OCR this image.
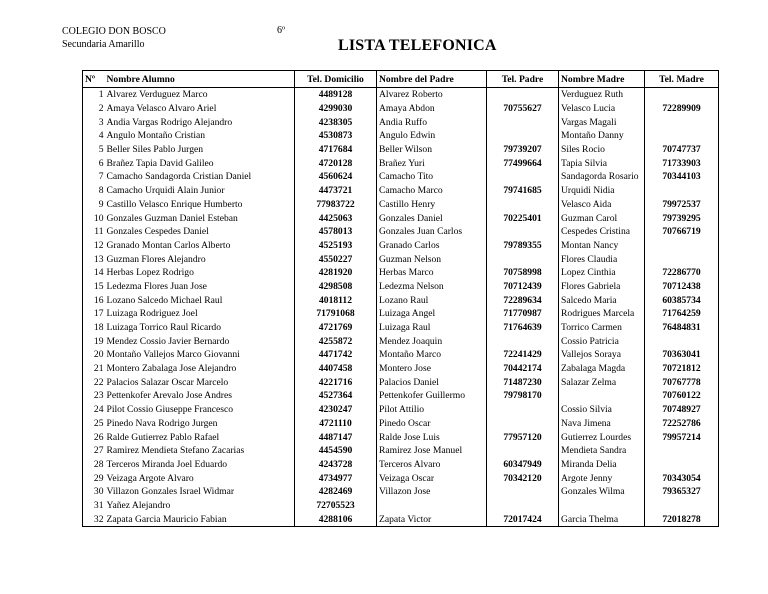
COLEGIO DON BOSCO
Secundaria Amarillo
6º
LISTA TELEFONICA
Nº	Nombre Alumno	Tel. Domicilio	Nombre del Padre	Tel. Padre	Nombre Madre	Tel. Madre
1	Alvarez Verduguez Marco	4489128	Alvarez Roberto		Verduguez Ruth	
2	Amaya Velasco Alvaro Ariel	4299030	Amaya Abdon	70755627	Velasco Lucia	72289909
3	Andia Vargas Rodrigo Alejandro	4238305	Andia Ruffo		Vargas Magali	
4	Angulo Montaño Cristian	4530873	Angulo Edwin		Montaño Danny	
5	Beller Siles Pablo Jurgen	4717684	Beller Wilson	79739207	Siles Rocio	70747737
6	Brañez Tapia David Galileo	4720128	Brañez Yuri	77499664	Tapia Silvia	71733903
7	Camacho Sandagorda Cristian Daniel	4560624	Camacho Tito		Sandagorda Rosario	70344103
8	Camacho Urquidi Alain Junior	4473721	Camacho Marco	79741685	Urquidi Nidia	
9	Castillo Velasco Enrique Humberto	77983722	Castillo Henry		Velasco Aida	79972537
10	Gonzales Guzman Daniel Esteban	4425063	Gonzales Daniel	70225401	Guzman Carol	79739295
11	Gonzales Cespedes Daniel	4578013	Gonzales Juan Carlos		Cespedes Cristina	70766719
12	Granado Montan Carlos Alberto	4525193	Granado Carlos	79789355	Montan Nancy	
13	Guzman Flores Alejandro	4550227	Guzman Nelson		Flores Claudia	
14	Herbas Lopez Rodrigo	4281920	Herbas Marco	70758998	Lopez Cinthia	72286770
15	Ledezma Flores Juan Jose	4298508	Ledezma Nelson	70712439	Flores Gabriela	70712438
16	Lozano Salcedo Michael Raul	4018112	Lozano Raul	72289634	Salcedo Maria	60385734
17	Luizaga Rodriguez Joel	71791068	Luizaga Angel	71770987	Rodrigues Marcela	71764259
18	Luizaga Torrico Raul Ricardo	4721769	Luizaga Raul	71764639	Torrico Carmen	76484831
19	Mendez Cossio Javier Bernardo	4255872	Mendez Joaquin		Cossio Patricia	
20	Montaño Vallejos Marco Giovanni	4471742	Montaño Marco	72241429	Vallejos Soraya	70363041
21	Montero Zabalaga Jose Alejandro	4407458	Montero Jose	70442174	Zabalaga Magda	70721812
22	Palacios Salazar Oscar Marcelo	4221716	Palacios Daniel	71487230	Salazar Zelma	70767778
23	Pettenkofer Arevalo Jose Andres	4527364	Pettenkofer Guillermo	79798170		70760122
24	Pilot Cossio Giuseppe Francesco	4230247	Pilot Attilio		Cossio Silvia	70748927
25	Pinedo Nava Rodrigo Jurgen	4721110	Pinedo Oscar		Nava Jimena	72252786
26	Ralde Gutierrez Pablo Rafael	4487147	Ralde Jose Luis	77957120	Gutierrez Lourdes	79957214
27	Ramirez Mendieta Stefano Zacarias	4454590	Ramirez Jose Manuel		Mendieta Sandra	
28	Terceros Miranda Joel Eduardo	4243728	Terceros Alvaro	60347949	Miranda Delia	
29	Veizaga Argote Alvaro	4734977	Veizaga Oscar	70342120	Argote Jenny	70343054
30	Villazon Gonzales Israel Widmar	4282469	Villazon Jose		Gonzales Wilma	79365327
31	Yañez Alejandro	72705523				
32	Zapata Garcia Mauricio Fabian	4288106	Zapata Victor	72017424	Garcia Thelma	72018278
